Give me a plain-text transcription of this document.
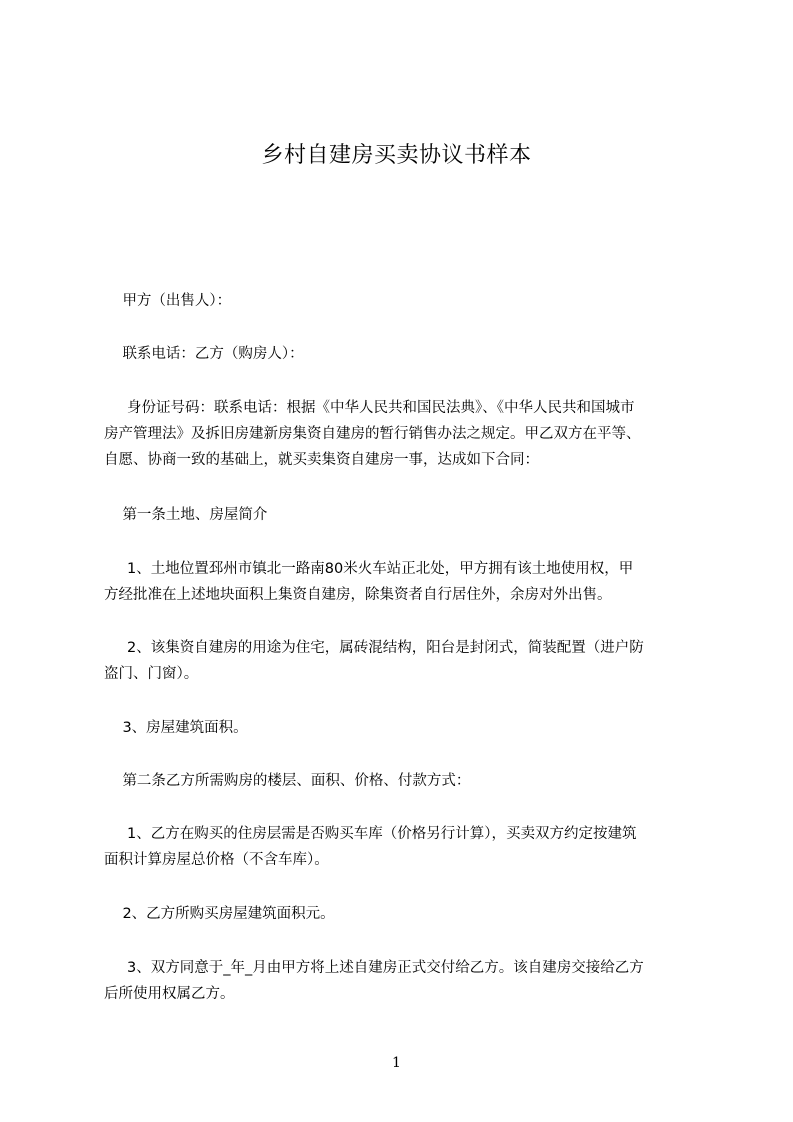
乡村自建房买卖协议书样本
甲方（出售人）：
联系电话：乙方（购房人）：
身份证号码：联系电话：根据《中华人民共和国民法典》、《中华人民共和国城市
房产管理法》及拆旧房建新房集资自建房的暂行销售办法之规定。甲乙双方在平等、
自愿、协商一致的基础上，就买卖集资自建房一事，达成如下合同：
第一条土地、房屋简介
1、土地位置邳州市镇北一路南80米火车站正北处，甲方拥有该土地使用权，甲
方经批准在上述地块面积上集资自建房，除集资者自行居住外，余房对外出售。
2、该集资自建房的用途为住宅，属砖混结构，阳台是封闭式，简装配置（进户防
盗门、门窗）。
3、房屋建筑面积。
第二条乙方所需购房的楼层、面积、价格、付款方式：
1、乙方在购买的住房层需是否购买车库（价格另行计算），买卖双方约定按建筑
面积计算房屋总价格（不含车库）。
2、乙方所购买房屋建筑面积元。
3、双方同意于_年_月由甲方将上述自建房正式交付给乙方。该自建房交接给乙方
后所使用权属乙方。
1
